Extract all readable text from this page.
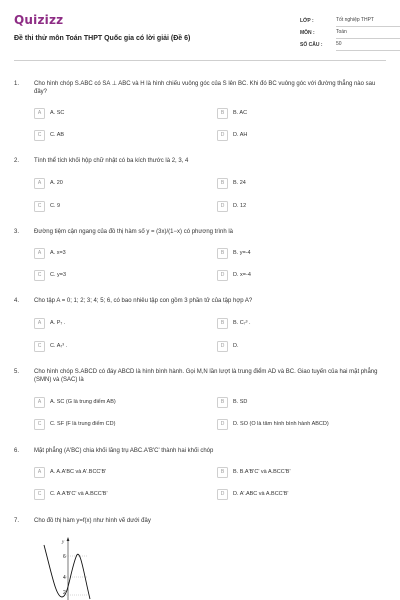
Quizizz
Đề thi thử môn Toán THPT Quốc gia có lời giải (Đề 6)
LỚP :	Tốt nghiệp THPT
MÔN :	Toán
SỐ CÂU :	50
1.	Cho hình chóp S.ABC có SA ⊥ ABC và H là hình chiếu vuông góc của S lên BC. Khi đó BC vuông góc với đường thẳng nào sau đây?
A	A. SC	B	B. AC
C	C. AB	D	D. AH
2.	Tính thể tích khối hộp chữ nhật có ba kích thước là 2, 3, 4
A	A. 20	B	B. 24
C	C. 9	D	D. 12
3.	Đường tiệm cận ngang của đồ thị hàm số y = (3x)/(1−x) có phương trình là
A	A. x=3	B	B. y=-4
C	C. y=3	D	D. x=-4
4.	Cho tập A = 0; 1; 2; 3; 4; 5; 6, có bao nhiêu tập con gồm 3 phần tử của tập hợp A?
A	A. P₇ .	B	B. C₇³ .
C	C. A₇³ .	D	D.
5.	Cho hình chóp S.ABCD có đáy ABCD là hình bình hành. Gọi M,N lần lượt là trung điểm AD và BC. Giao tuyến của hai mặt phẳng (SMN) và (SAC) là
A	A. SC (G là trung điểm AB)	B	B. SD
C	C. SF (F là trung điểm CD)	D	D. SO (O là tâm hình bình hành ABCD)
6.	Mặt phẳng (A'BC) chia khối lăng trụ ABC.A'B'C' thành hai khối chóp
A	A. A.A'BC và A'.BCC'B'	B	B. B.A'B'C' và A.BCC'B'
C	C. A.A'B'C' và A.BCC'B'	D	D. A'.ABC và A.BCC'B'
7.	Cho đồ thị hàm y=f(x) như hình vẽ dưới đây
y
6
4
2
